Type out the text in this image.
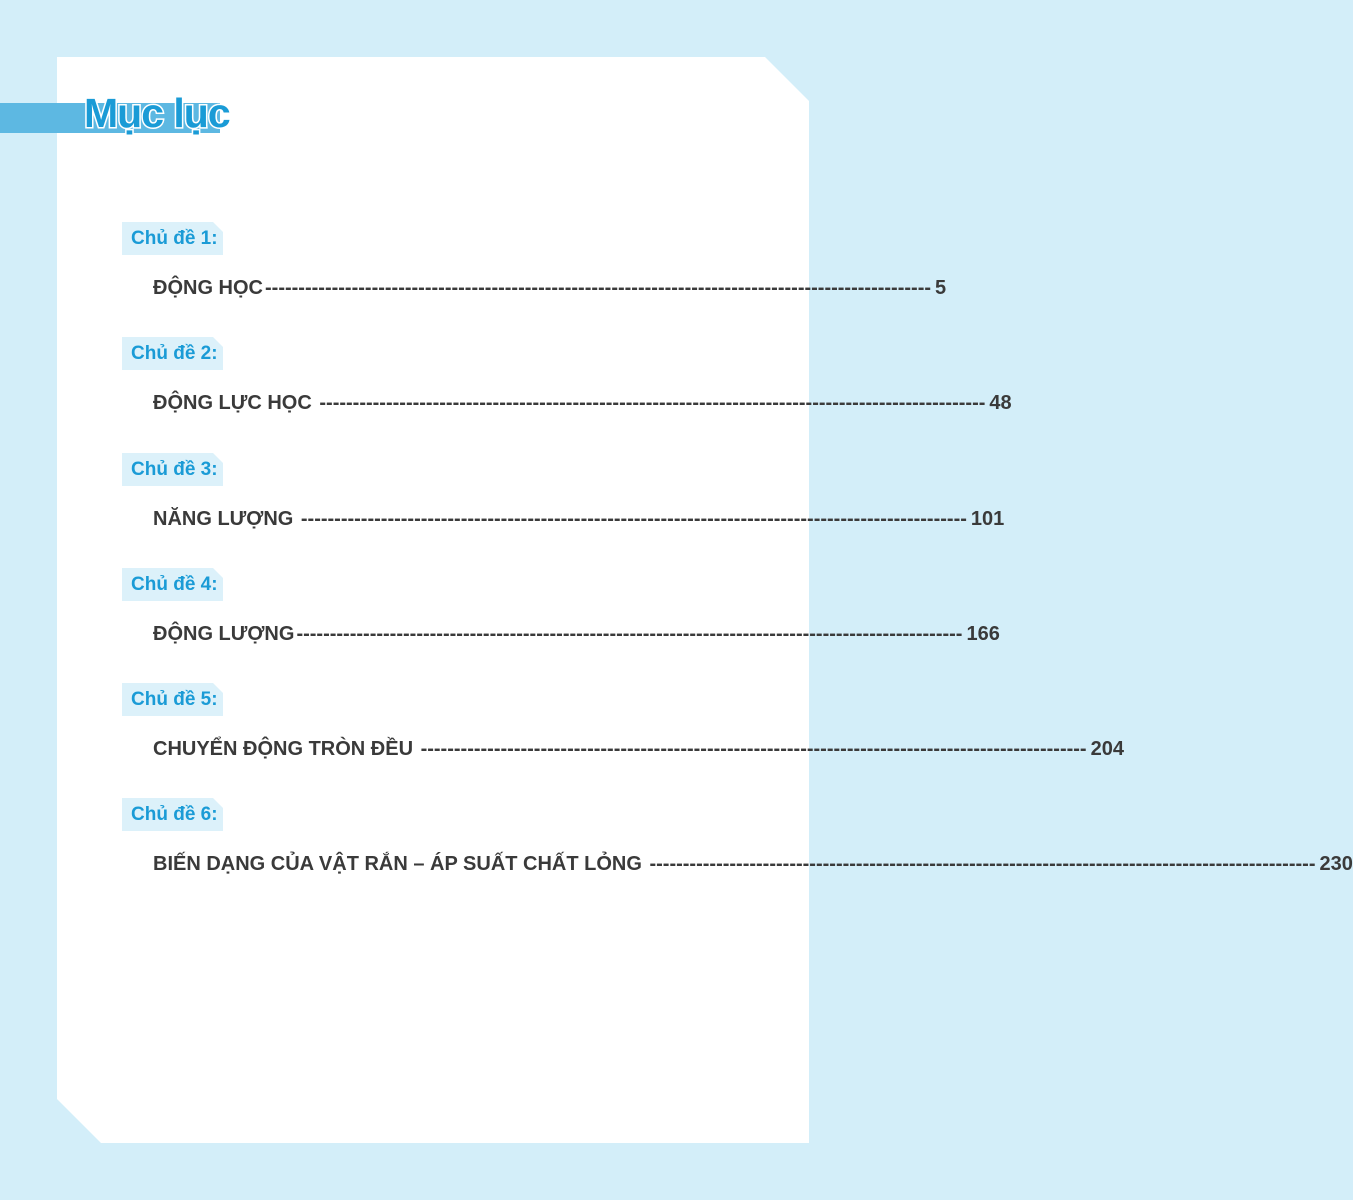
Mục lục
Chủ đề 1:
ĐỘNG HỌC ---------------------------------------------------------------------------------------------------- 5
Chủ đề 2:
ĐỘNG LỰC HỌC ---------------------------------------------------------------------------------------------------- 48
Chủ đề 3:
NĂNG LƯỢNG ---------------------------------------------------------------------------------------------------- 101
Chủ đề 4:
ĐỘNG LƯỢNG ---------------------------------------------------------------------------------------------------- 166
Chủ đề 5:
CHUYỂN ĐỘNG TRÒN ĐỀU ---------------------------------------------------------------------------------------------------- 204
Chủ đề 6:
BIẾN DẠNG CỦA VẬT RẮN – ÁP SUẤT CHẤT LỎNG ---------------------------------------------------------------------------------------------------- 230
